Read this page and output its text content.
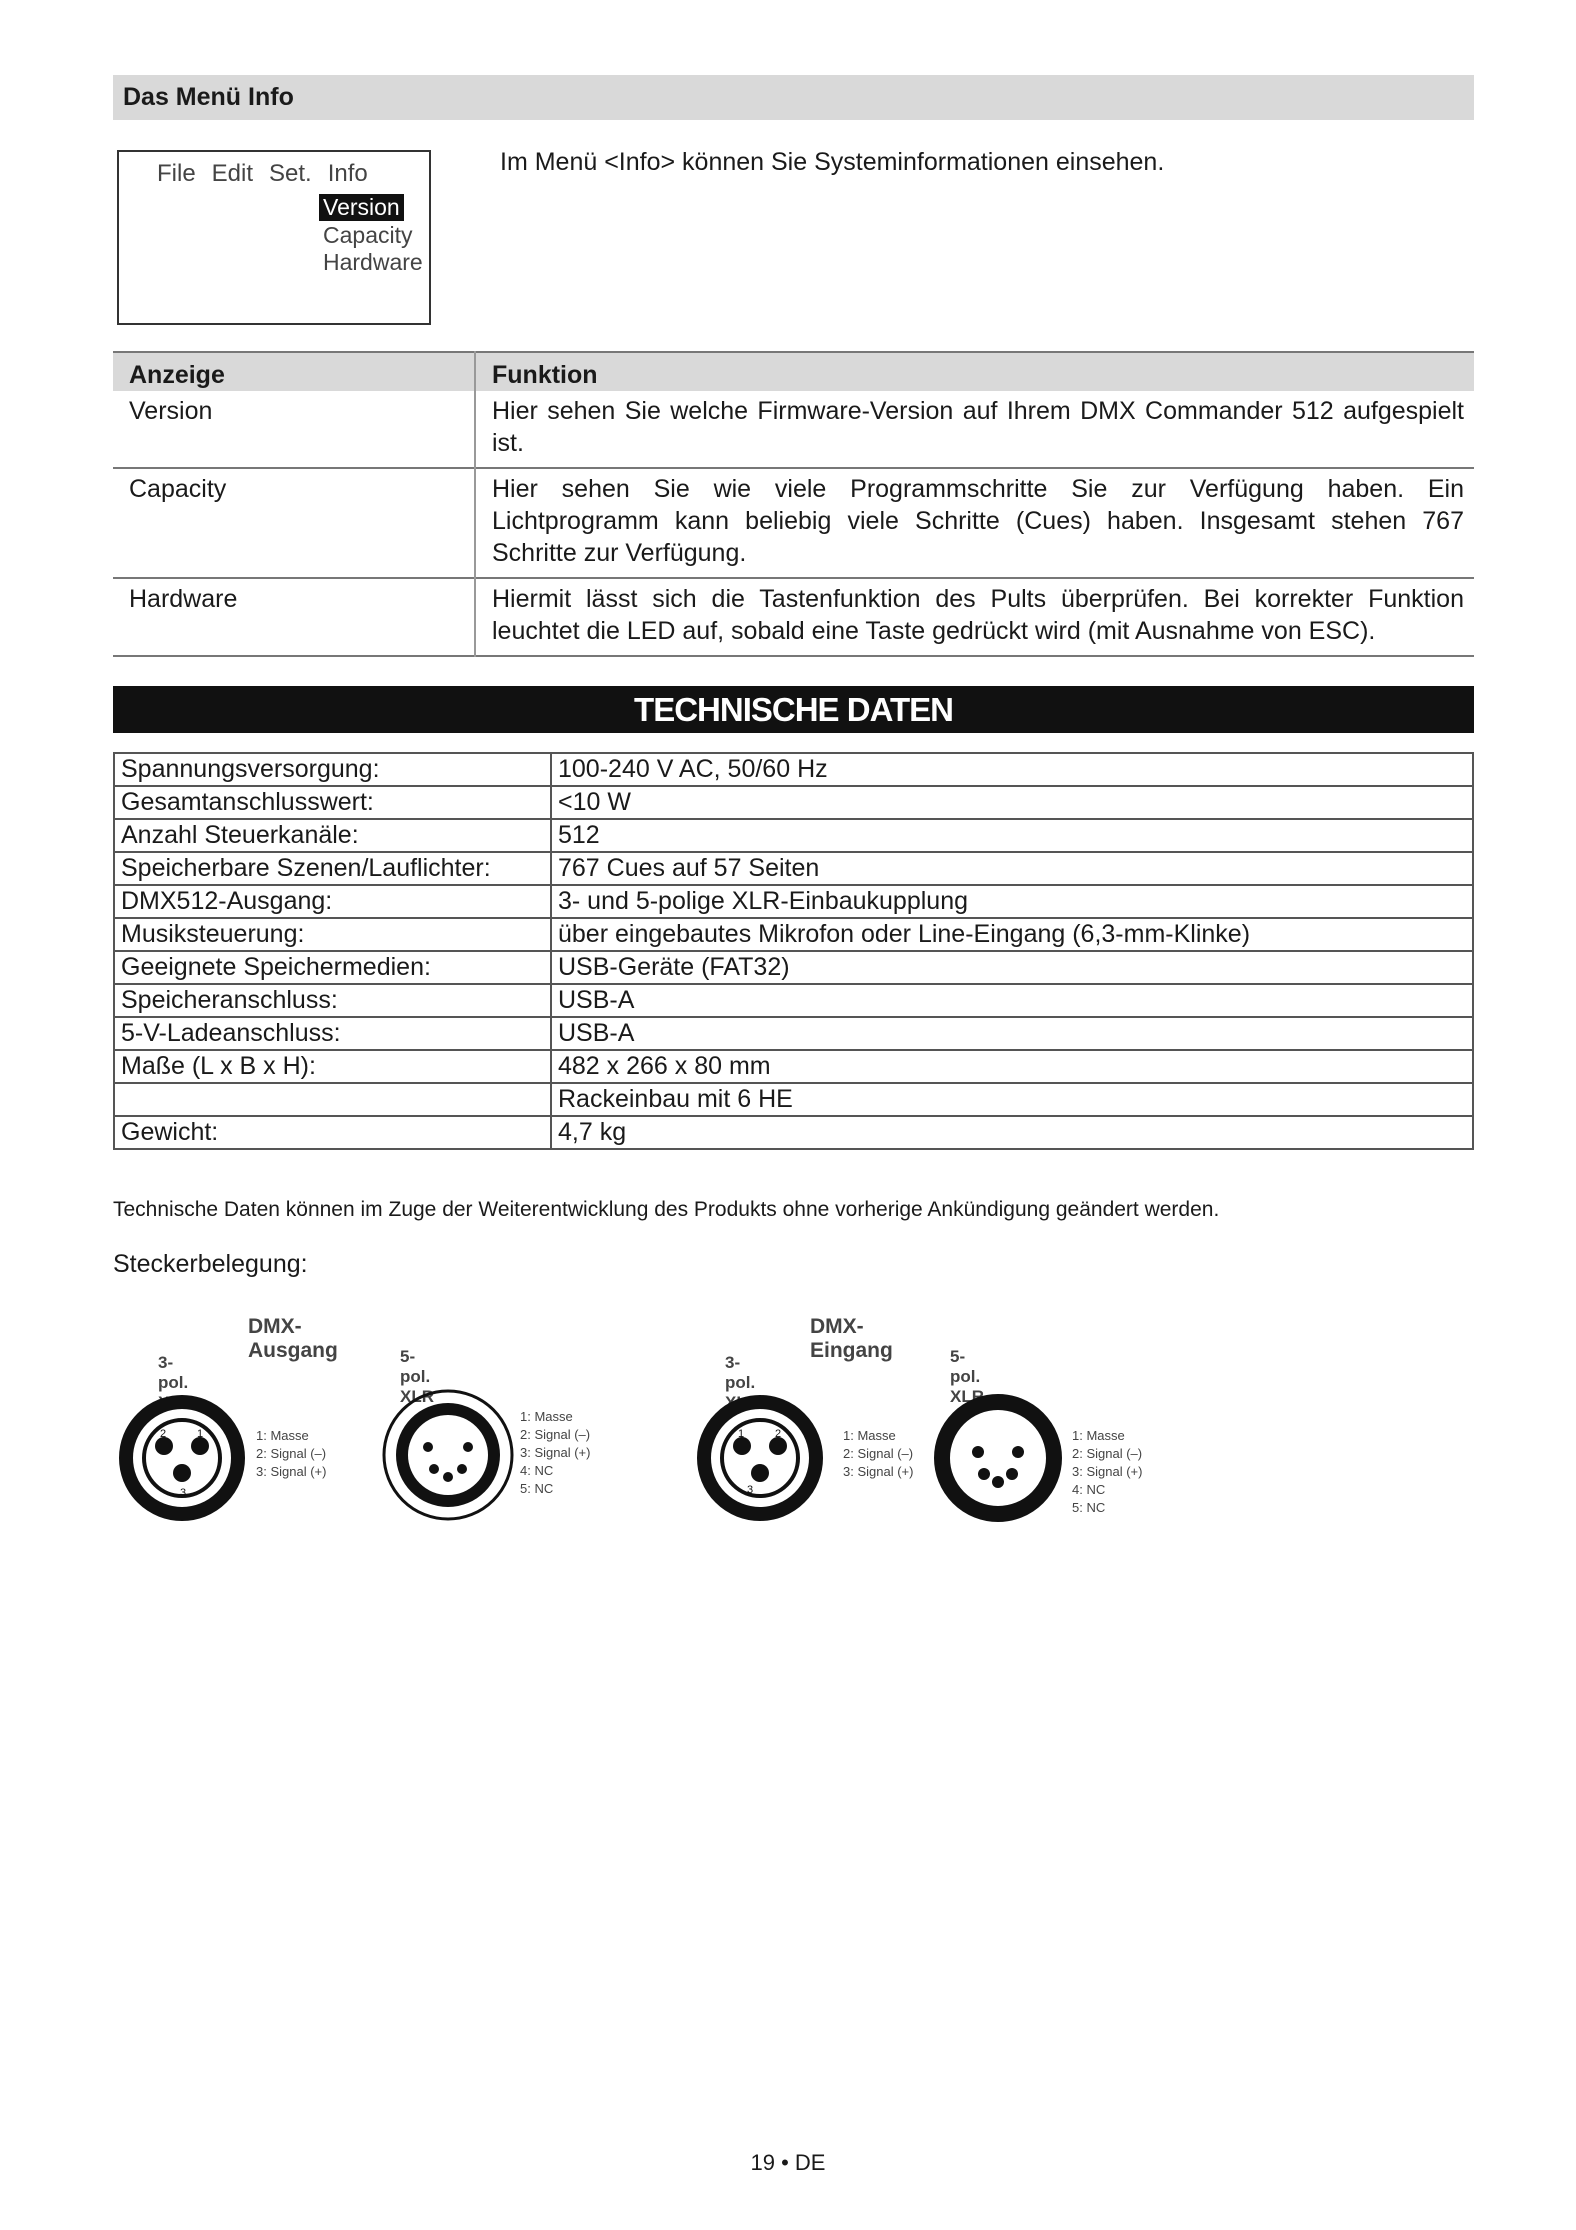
Das Menü Info
File Edit Set. Info
Version
Capacity
Hardware
Im Menü <Info> können Sie Systeminformationen einsehen.
Anzeige	Funktion
Version	Hier sehen Sie welche Firmware-Version auf Ihrem DMX Commander 512 aufgespielt ist.
Capacity	Hier sehen Sie wie viele Programmschritte Sie zur Verfügung haben. Ein Lichtprogramm kann beliebig viele Schritte (Cues) haben. Insgesamt stehen 767 Schritte zur Verfügung.
Hardware	Hiermit lässt sich die Tastenfunktion des Pults überprüfen. Bei korrekter Funktion leuchtet die LED auf, sobald eine Taste gedrückt wird (mit Ausnahme von ESC).
TECHNISCHE DATEN
Spannungsversorgung:	100-240 V AC, 50/60 Hz
Gesamtanschlusswert:	<10 W
Anzahl Steuerkanäle:	512
Speicherbare Szenen/Lauflichter:	767 Cues auf 57 Seiten
DMX512-Ausgang:	3- und 5-polige XLR-Einbaukupplung
Musiksteuerung:	über eingebautes Mikrofon oder Line-Eingang (6,3-mm-Klinke)
Geeignete Speichermedien:	USB-Geräte (FAT32)
Speicheranschluss:	USB-A
5-V-Ladeanschluss:	USB-A
Maße (L x B x H):	482 x 266 x 80 mm
	Rackeinbau mit 6 HE
Gewicht:	4,7 kg
Technische Daten können im Zuge der Weiterentwicklung des Produkts ohne vorherige Ankündigung geändert werden.
Steckerbelegung:
DMX-Ausgang
3-pol. XLR
5-pol. XLR
2	1
3
1: Masse
2: Signal (–)
3: Signal (+)
1: Masse
2: Signal (–)
3: Signal (+)
4: NC
5: NC
DMX-Eingang
3-pol. XLR
5-pol. XLR
1	2
3
1: Masse
2: Signal (–)
3: Signal (+)
1: Masse
2: Signal (–)
3: Signal (+)
4: NC
5: NC
19 • DE
